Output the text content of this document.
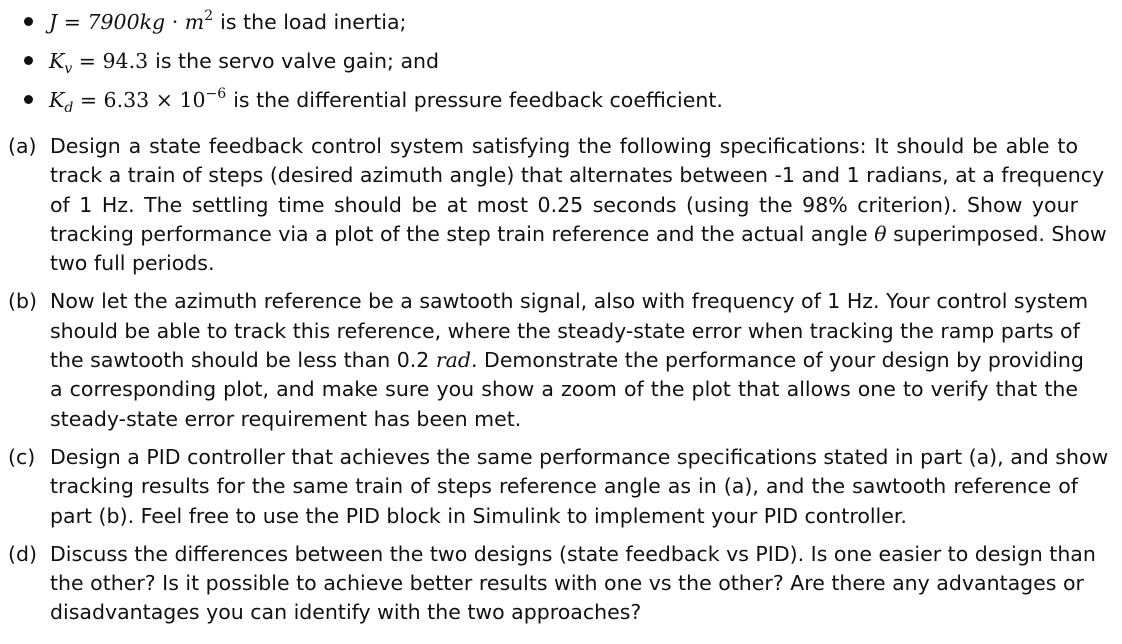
$J = 7900kg \cdot m^2$ is the load inertia;
$K_v = 94.3$ is the servo valve gain; and
$K_d = 6.33 \times 10^{-6}$ is the differential pressure feedback coefficient.
(a) Design a state feedback control system satisfying the following specifications: It should be able to
track a train of steps (desired azimuth angle) that alternates between -1 and 1 radians, at a frequency
of 1 Hz. The settling time should be at most 0.25 seconds (using the 98% criterion). Show your
tracking performance via a plot of the step train reference and the actual angle θ superimposed. Show
two full periods.
(b) Now let the azimuth reference be a sawtooth signal, also with frequency of 1 Hz. Your control system
should be able to track this reference, where the steady-state error when tracking the ramp parts of
the sawtooth should be less than 0.2 rad. Demonstrate the performance of your design by providing
a corresponding plot, and make sure you show a zoom of the plot that allows one to verify that the
steady-state error requirement has been met.
(c) Design a PID controller that achieves the same performance specifications stated in part (a), and show
tracking results for the same train of steps reference angle as in (a), and the sawtooth reference of
part (b). Feel free to use the PID block in Simulink to implement your PID controller.
(d) Discuss the differences between the two designs (state feedback vs PID). Is one easier to design than
the other? Is it possible to achieve better results with one vs the other? Are there any advantages or
disadvantages you can identify with the two approaches?
